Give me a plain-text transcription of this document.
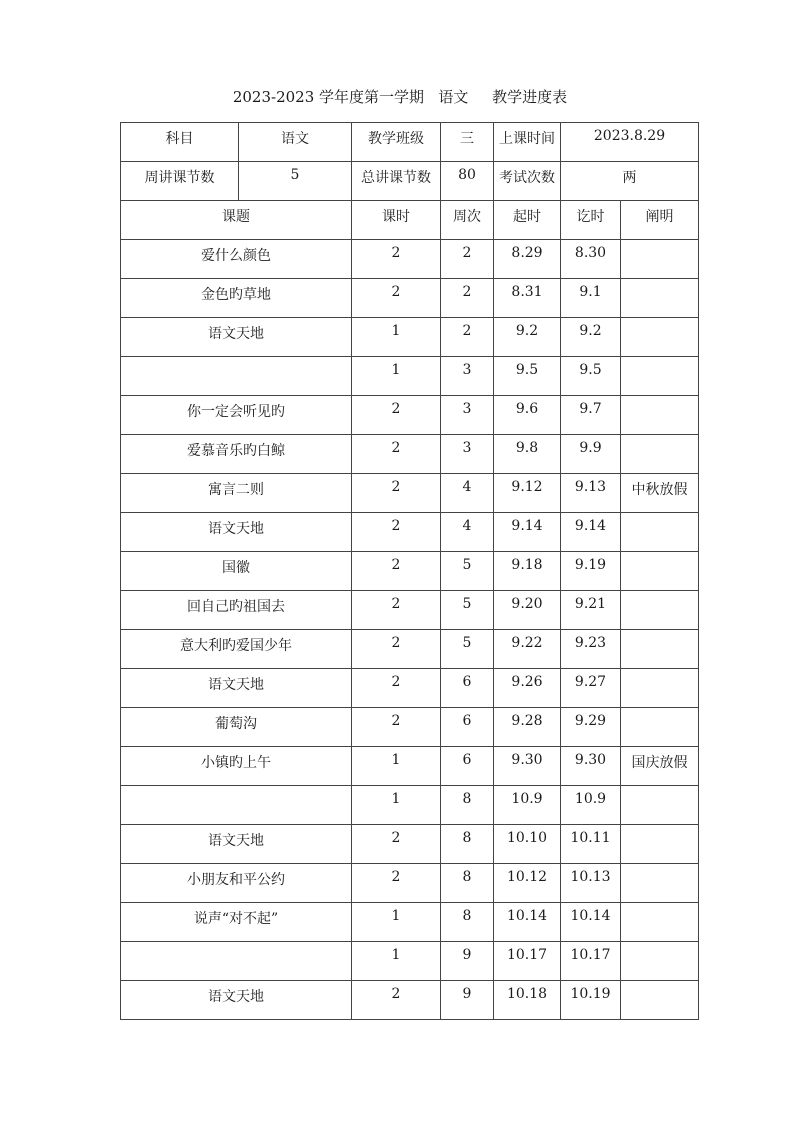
2023-2023 学年度第一学期   语文     教学进度表
科目	语文	教学班级	三	上课时间	2023.8.29	
周讲课节数	5	总讲课节数	80	考试次数	两	
课题		课时	周次	起时	讫时	阐明
爱什么颜色		2	2	8.29	8.30	
金色旳草地		2	2	8.31	9.1	
语文天地		1	2	9.2	9.2	
		1	3	9.5	9.5	
你一定会听见旳		2	3	9.6	9.7	
爱慕音乐旳白鲸		2	3	9.8	9.9	
寓言二则		2	4	9.12	9.13	中秋放假
语文天地		2	4	9.14	9.14	
国徽		2	5	9.18	9.19	
回自己旳祖国去		2	5	9.20	9.21	
意大利旳爱国少年		2	5	9.22	9.23	
语文天地		2	6	9.26	9.27	
葡萄沟		2	6	9.28	9.29	
小镇旳上午		1	6	9.30	9.30	国庆放假
		1	8	10.9	10.9	
语文天地		2	8	10.10	10.11	
小朋友和平公约		2	8	10.12	10.13	
说声“对不起”		1	8	10.14	10.14	
		1	9	10.17	10.17	
语文天地		2	9	10.18	10.19	
